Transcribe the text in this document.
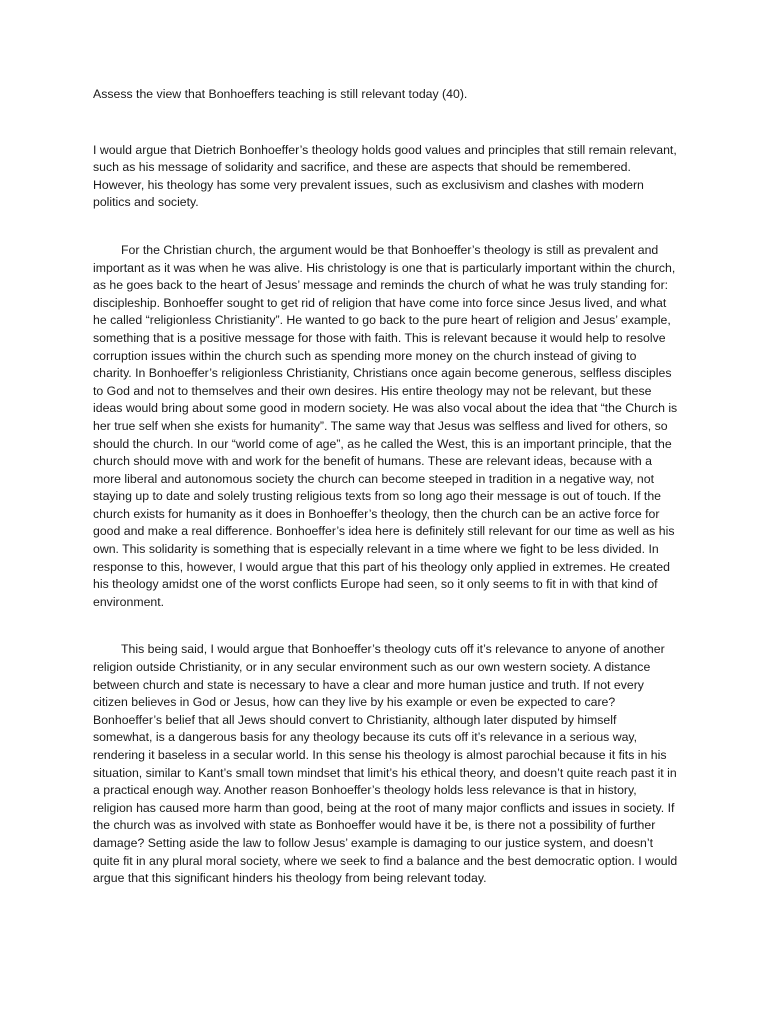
Assess the view that Bonhoeffers teaching is still relevant today (40).

I would argue that Dietrich Bonhoeffer’s theology holds good values and principles that still remain relevant, such as his message of solidarity and sacrifice, and these are aspects that should be remembered. However, his theology has some very prevalent issues, such as exclusivism and clashes with modern politics and society.

For the Christian church, the argument would be that Bonhoeffer’s theology is still as prevalent and important as it was when he was alive. His christology is one that is particularly important within the church, as he goes back to the heart of Jesus’ message and reminds the church of what he was truly standing for: discipleship. Bonhoeffer sought to get rid of religion that have come into force since Jesus lived, and what he called “religionless Christianity”. He wanted to go back to the pure heart of religion and Jesus’ example, something that is a positive message for those with faith. This is relevant because it would help to resolve corruption issues within the church such as spending more money on the church instead of giving to charity. In Bonhoeffer’s religionless Christianity, Christians once again become generous, selfless disciples to God and not to themselves and their own desires. His entire theology may not be relevant, but these ideas would bring about some good in modern society. He was also vocal about the idea that “the Church is her true self when she exists for humanity”. The same way that Jesus was selfless and lived for others, so should the church. In our “world come of age”, as he called the West, this is an important principle, that the church should move with and work for the benefit of humans. These are relevant ideas, because with a more liberal and autonomous society the church can become steeped in tradition in a negative way, not staying up to date and solely trusting religious texts from so long ago their message is out of touch. If the church exists for humanity as it does in Bonhoeffer’s theology, then the church can be an active force for good and make a real difference. Bonhoeffer’s idea here is definitely still relevant for our time as well as his own. This solidarity is something that is especially relevant in a time where we fight to be less divided. In response to this, however, I would argue that this part of his theology only applied in extremes. He created his theology amidst one of the worst conflicts Europe had seen, so it only seems to fit in with that kind of environment.

This being said, I would argue that Bonhoeffer’s theology cuts off it’s relevance to anyone of another religion outside Christianity, or in any secular environment such as our own western society. A distance between church and state is necessary to have a clear and more human justice and truth. If not every citizen believes in God or Jesus, how can they live by his example or even be expected to care? Bonhoeffer’s belief that all Jews should convert to Christianity, although later disputed by himself somewhat, is a dangerous basis for any theology because its cuts off it’s relevance in a serious way, rendering it baseless in a secular world. In this sense his theology is almost parochial because it fits in his situation, similar to Kant’s small town mindset that limit’s his ethical theory, and doesn’t quite reach past it in a practical enough way. Another reason Bonhoeffer’s theology holds less relevance is that in history, religion has caused more harm than good, being at the root of many major conflicts and issues in society. If the church was as involved with state as Bonhoeffer would have it be, is there not a possibility of further damage? Setting aside the law to follow Jesus’ example is damaging to our justice system, and doesn’t quite fit in any plural moral society, where we seek to find a balance and the best democratic option. I would argue that this significant hinders his theology from being relevant today.
